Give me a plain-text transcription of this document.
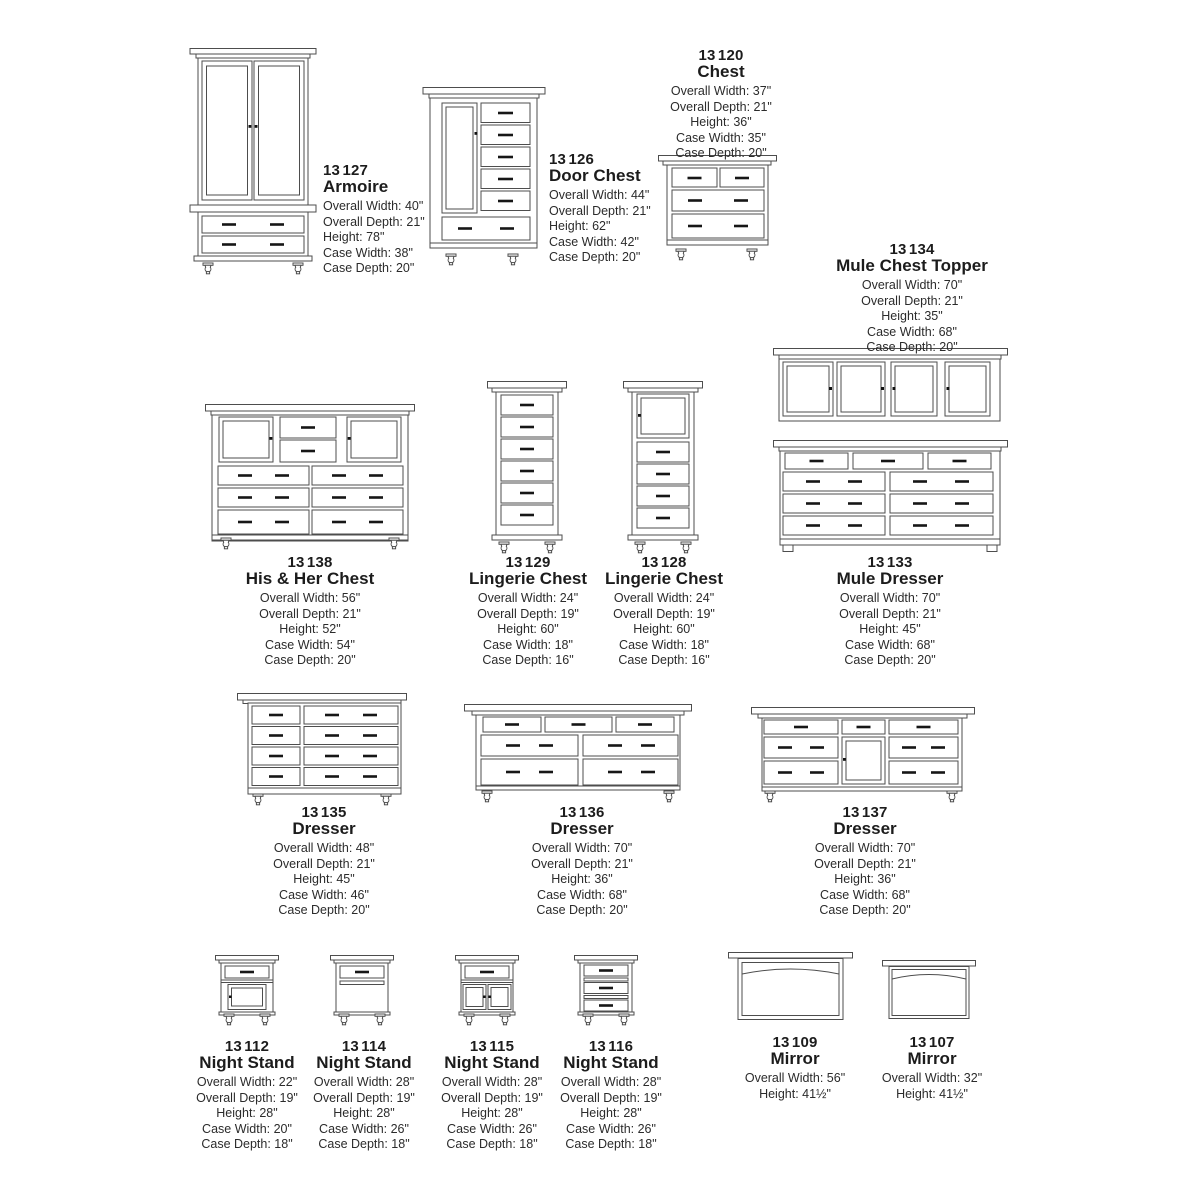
13 127
Armoire
Overall Width: 40"
Overall Depth: 21"
Height: 78"
Case Width: 38"
Case Depth: 20"
13 126
Door Chest
Overall Width: 44"
Overall Depth: 21"
Height: 62"
Case Width: 42"
Case Depth: 20"
13 120
Chest
Overall Width: 37"
Overall Depth: 21"
Height: 36"
Case Width: 35"
Case Depth: 20"
13 134
Mule Chest Topper
Overall Width: 70"
Overall Depth: 21"
Height: 35"
Case Width: 68"
Case Depth: 20"
13 138
His & Her Chest
Overall Width: 56"
Overall Depth: 21"
Height: 52"
Case Width: 54"
Case Depth: 20"
13 129
Lingerie Chest
Overall Width: 24"
Overall Depth: 19"
Height: 60"
Case Width: 18"
Case Depth: 16"
13 128
Lingerie Chest
Overall Width: 24"
Overall Depth: 19"
Height: 60"
Case Width: 18"
Case Depth: 16"
13 133
Mule Dresser
Overall Width: 70"
Overall Depth: 21"
Height: 45"
Case Width: 68"
Case Depth: 20"
13 135
Dresser
Overall Width: 48"
Overall Depth: 21"
Height: 45"
Case Width: 46"
Case Depth: 20"
13 136
Dresser
Overall Width: 70"
Overall Depth: 21"
Height: 36"
Case Width: 68"
Case Depth: 20"
13 137
Dresser
Overall Width: 70"
Overall Depth: 21"
Height: 36"
Case Width: 68"
Case Depth: 20"
13 112
Night Stand
Overall Width: 22"
Overall Depth: 19"
Height: 28"
Case Width: 20"
Case Depth: 18"
13 114
Night Stand
Overall Width: 28"
Overall Depth: 19"
Height: 28"
Case Width: 26"
Case Depth: 18"
13 115
Night Stand
Overall Width: 28"
Overall Depth: 19"
Height: 28"
Case Width: 26"
Case Depth: 18"
13 116
Night Stand
Overall Width: 28"
Overall Depth: 19"
Height: 28"
Case Width: 26"
Case Depth: 18"
13 109
Mirror
Overall Width: 56"
Height: 41½"
13 107
Mirror
Overall Width: 32"
Height: 41½"
